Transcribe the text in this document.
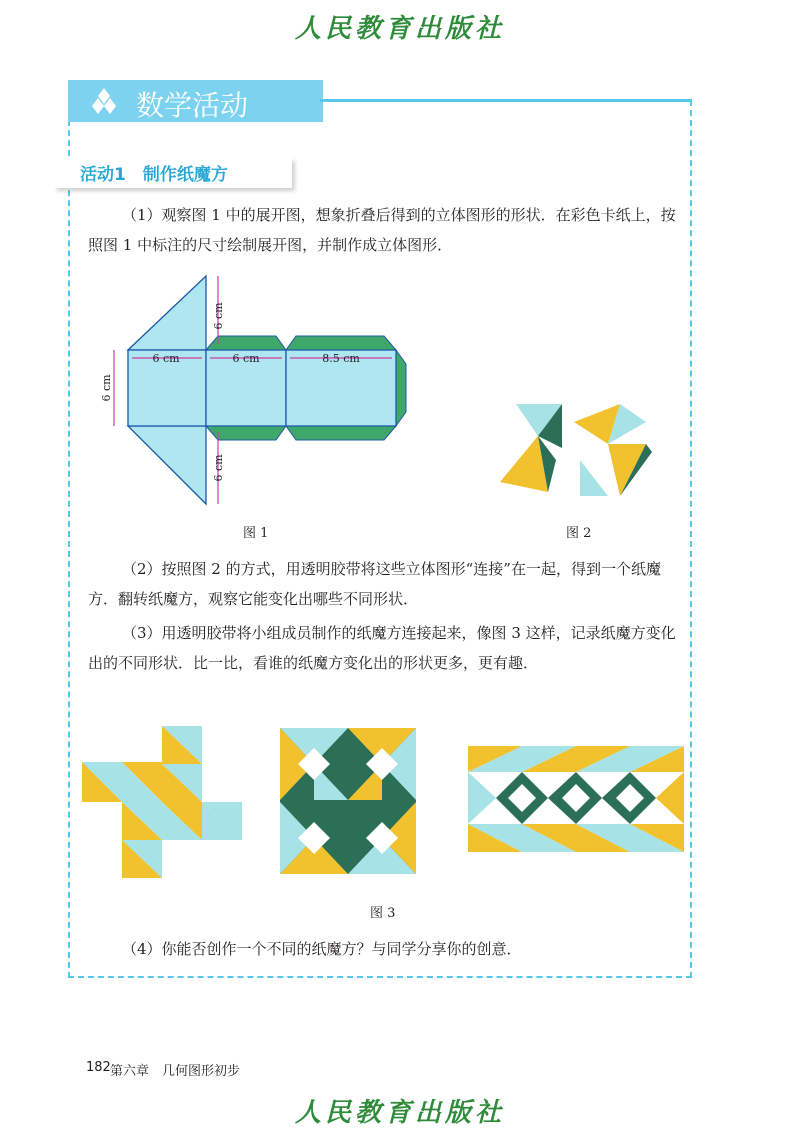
人民教育出版社
数学活动
活动1　制作纸魔方
（1）观察图 1 中的展开图，想象折叠后得到的立体图形的形状．在彩色卡纸上，按照图 1 中标注的尺寸绘制展开图，并制作成立体图形．
6 cm
6 cm
6 cm
6 cm	6 cm	8.5 cm
图 1	图 2
（2）按照图 2 的方式，用透明胶带将这些立体图形“连接”在一起，得到一个纸魔方．翻转纸魔方，观察它能变化出哪些不同形状．
（3）用透明胶带将小组成员制作的纸魔方连接起来，像图 3 这样，记录纸魔方变化出的不同形状．比一比，看谁的纸魔方变化出的形状更多，更有趣．
图 3
（4）你能否创作一个不同的纸魔方？与同学分享你的创意．
182 第六章　几何图形初步
人民教育出版社
